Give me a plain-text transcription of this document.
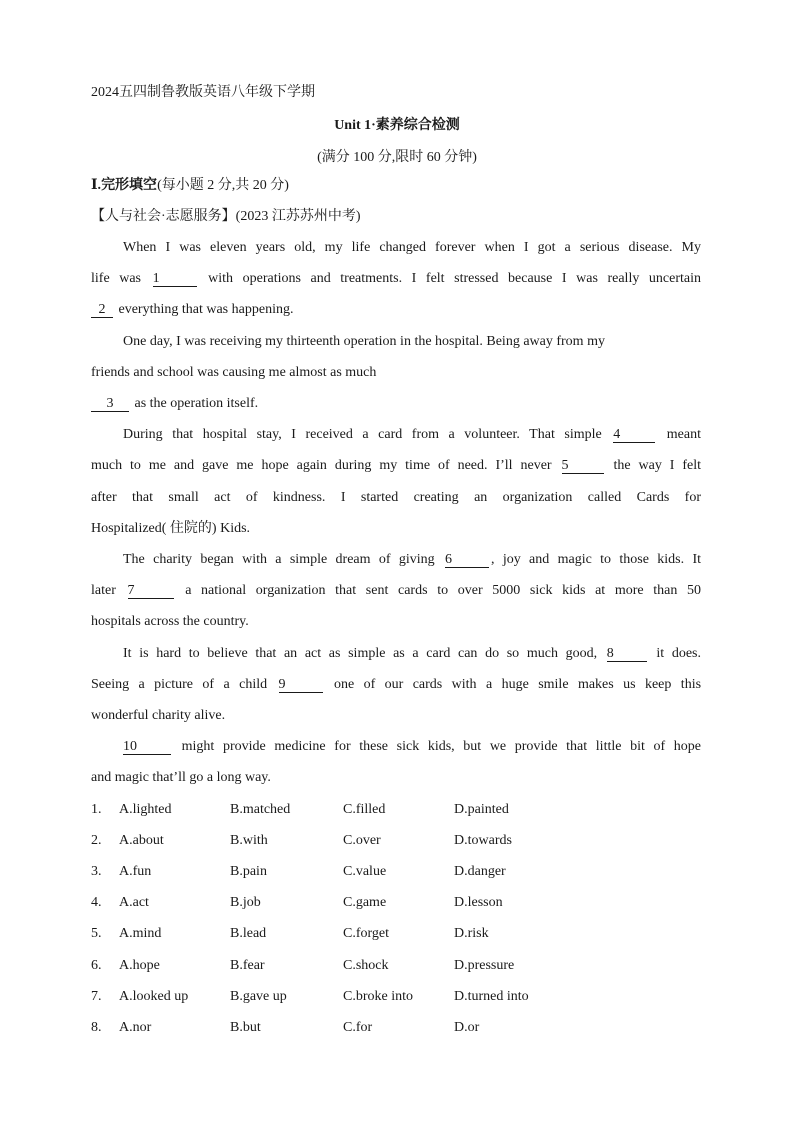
2024五四制鲁教版英语八年级下学期
Unit 1·素养综合检测
(满分 100 分,限时 60 分钟)
Ⅰ.完形填空(每小题 2 分,共 20 分)
【人与社会·志愿服务】(2023 江苏苏州中考)
When I was eleven years old, my life changed forever when I got a serious disease. My
life was 1	with operations and treatments. I felt stressed because I was really uncertain
2 everything that was happening.
One day, I was receiving my thirteenth operation in the hospital. Being away from my
friends and school was causing me almost as much
3 as the operation itself.
During that hospital stay, I received a card from a volunteer. That simple 4	meant
much to me and gave me hope again during my time of need. I’ll never 5	the way I felt
after that small act of kindness. I started creating an organization called Cards for
Hospitalized( 住院的) Kids.
The charity began with a simple dream of giving 6	, joy and magic to those kids. It
later 7	a national organization that sent cards to over 5000 sick kids at more than 50
hospitals across the country.
It is hard to believe that an act as simple as a card can do so much good, 8	it does.
Seeing a picture of a child 9	one of our cards with a huge smile makes us keep this
wonderful charity alive.
10	might provide medicine for these sick kids, but we provide that little bit of hope
and magic that’ll go a long way.
1. A.lighted	B.matched	C.filled	D.painted
2. A.about	B.with	C.over	D.towards
3. A.fun	B.pain	C.value	D.danger
4. A.act	B.job	C.game	D.lesson
5. A.mind	B.lead	C.forget	D.risk
6. A.hope	B.fear	C.shock	D.pressure
7. A.looked up	B.gave up	C.broke into	D.turned into
8. A.nor	B.but	C.for	D.or
